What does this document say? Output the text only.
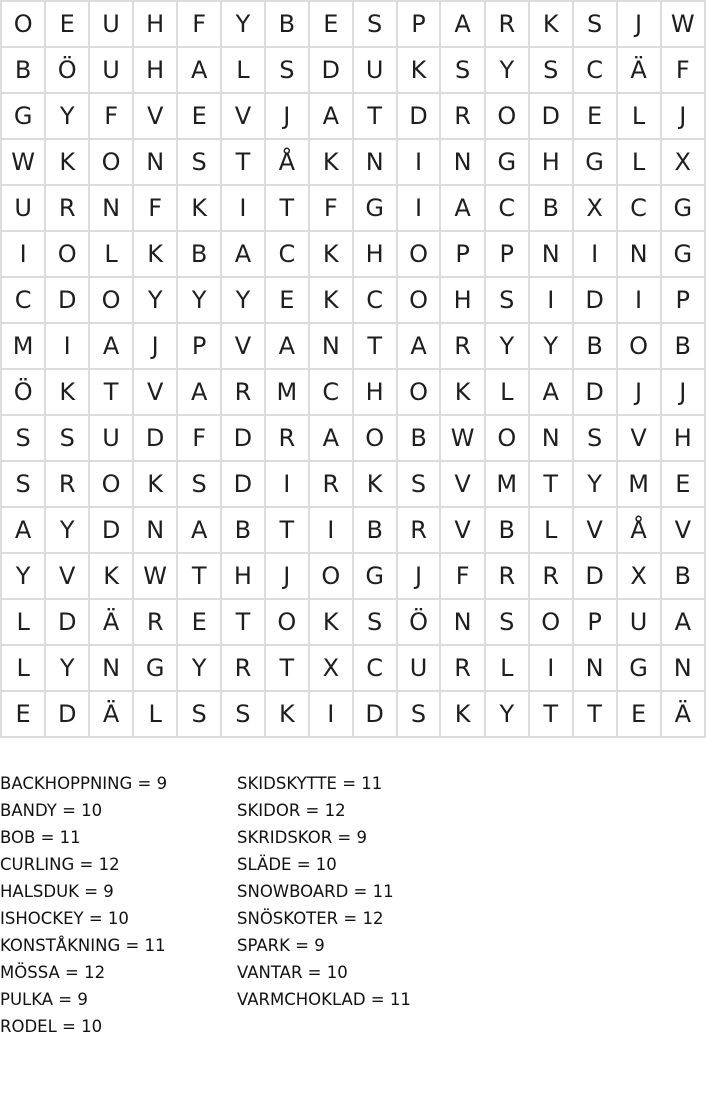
O	E	U	H	F	Y	B	E	S	P	A	R	K	S	J	W
B	Ö	U	H	A	L	S	D	U	K	S	Y	S	C	Ä	F
G	Y	F	V	E	V	J	A	T	D	R	O	D	E	L	J
W	K	O	N	S	T	Å	K	N	I	N	G	H	G	L	X
U	R	N	F	K	I	T	F	G	I	A	C	B	X	C	G
I	O	L	K	B	A	C	K	H	O	P	P	N	I	N	G
C	D	O	Y	Y	Y	E	K	C	O	H	S	I	D	I	P
M	I	A	J	P	V	A	N	T	A	R	Y	Y	B	O	B
Ö	K	T	V	A	R	M	C	H	O	K	L	A	D	J	J
S	S	U	D	F	D	R	A	O	B	W	O	N	S	V	H
S	R	O	K	S	D	I	R	K	S	V	M	T	Y	M	E
A	Y	D	N	A	B	T	I	B	R	V	B	L	V	Å	V
Y	V	K	W	T	H	J	O	G	J	F	R	R	D	X	B
L	D	Ä	R	E	T	O	K	S	Ö	N	S	O	P	U	A
L	Y	N	G	Y	R	T	X	C	U	R	L	I	N	G	N
E	D	Ä	L	S	S	K	I	D	S	K	Y	T	T	E	Ä
BACKHOPPNING = 9
BANDY = 10
BOB = 11
CURLING = 12
HALSDUK = 9
ISHOCKEY = 10
KONSTÅKNING = 11
MÖSSA = 12
PULKA = 9
RODEL = 10
SKIDSKYTTE = 11
SKIDOR = 12
SKRIDSKOR = 9
SLÄDE = 10
SNOWBOARD = 11
SNÖSKOTER = 12
SPARK = 9
VANTAR = 10
VARMCHOKLAD = 11
